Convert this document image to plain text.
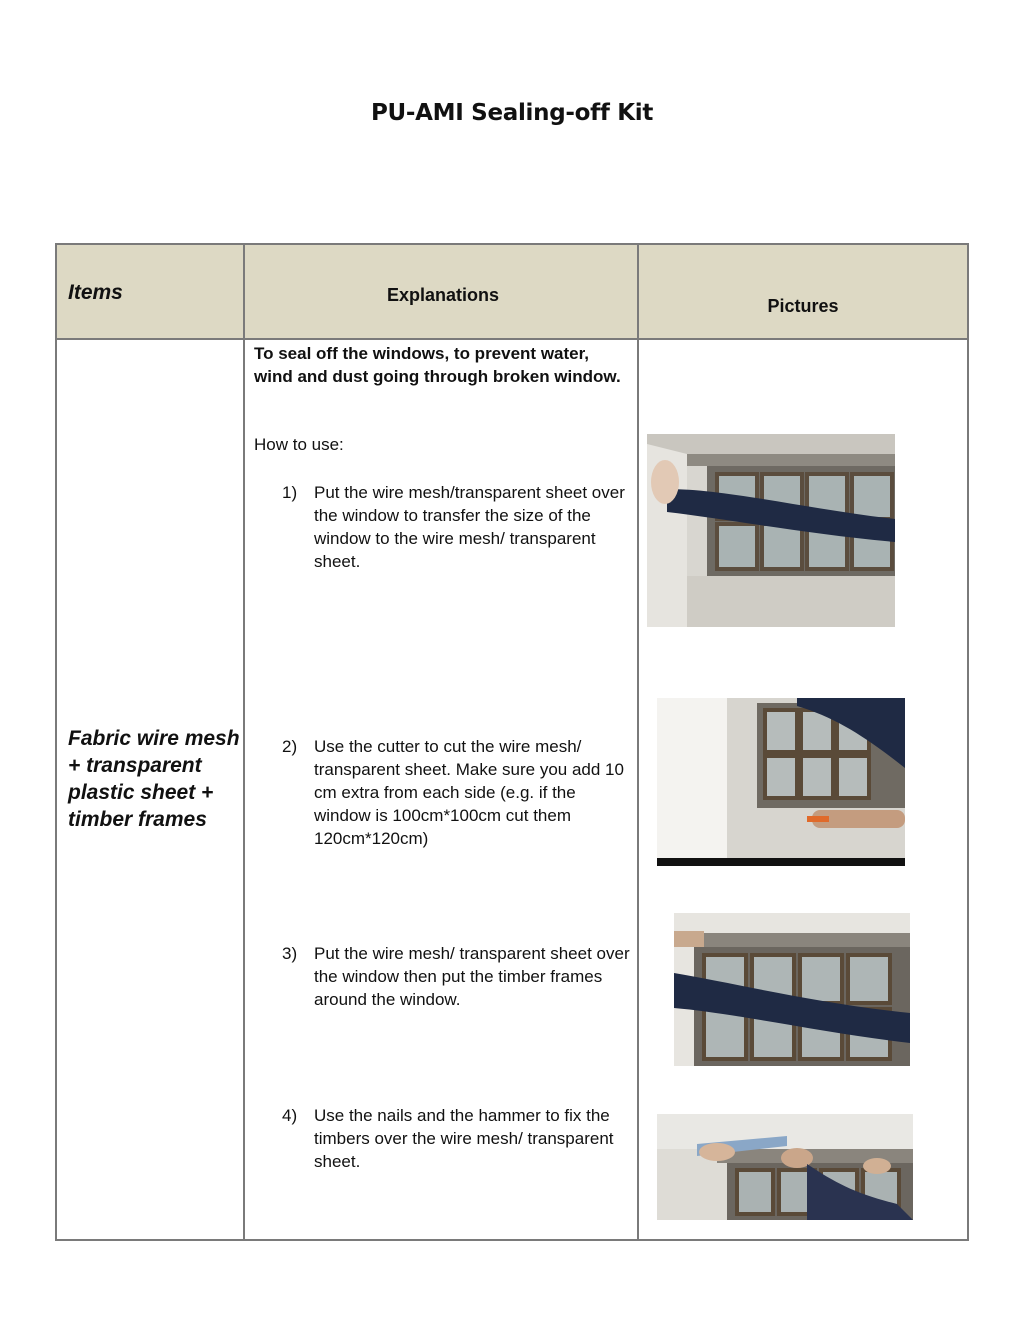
PU-AMI Sealing-off Kit
Items	Explanations
Pictures
Fabric wire mesh + transparent plastic sheet + timber frames
To seal off the windows, to prevent water, wind and dust going through broken window.
How to use:
1) Put the wire mesh/transparent sheet over the window to transfer the size of the window to the wire mesh/ transparent sheet.
2) Use the cutter to cut the wire mesh/ transparent sheet. Make sure you add 10 cm extra from each side (e.g. if the window is 100cm*100cm cut them 120cm*120cm)
3) Put the wire mesh/ transparent sheet over the window then put the timber frames around the window.
4) Use the nails and the hammer to fix the timbers over the wire mesh/ transparent sheet.
